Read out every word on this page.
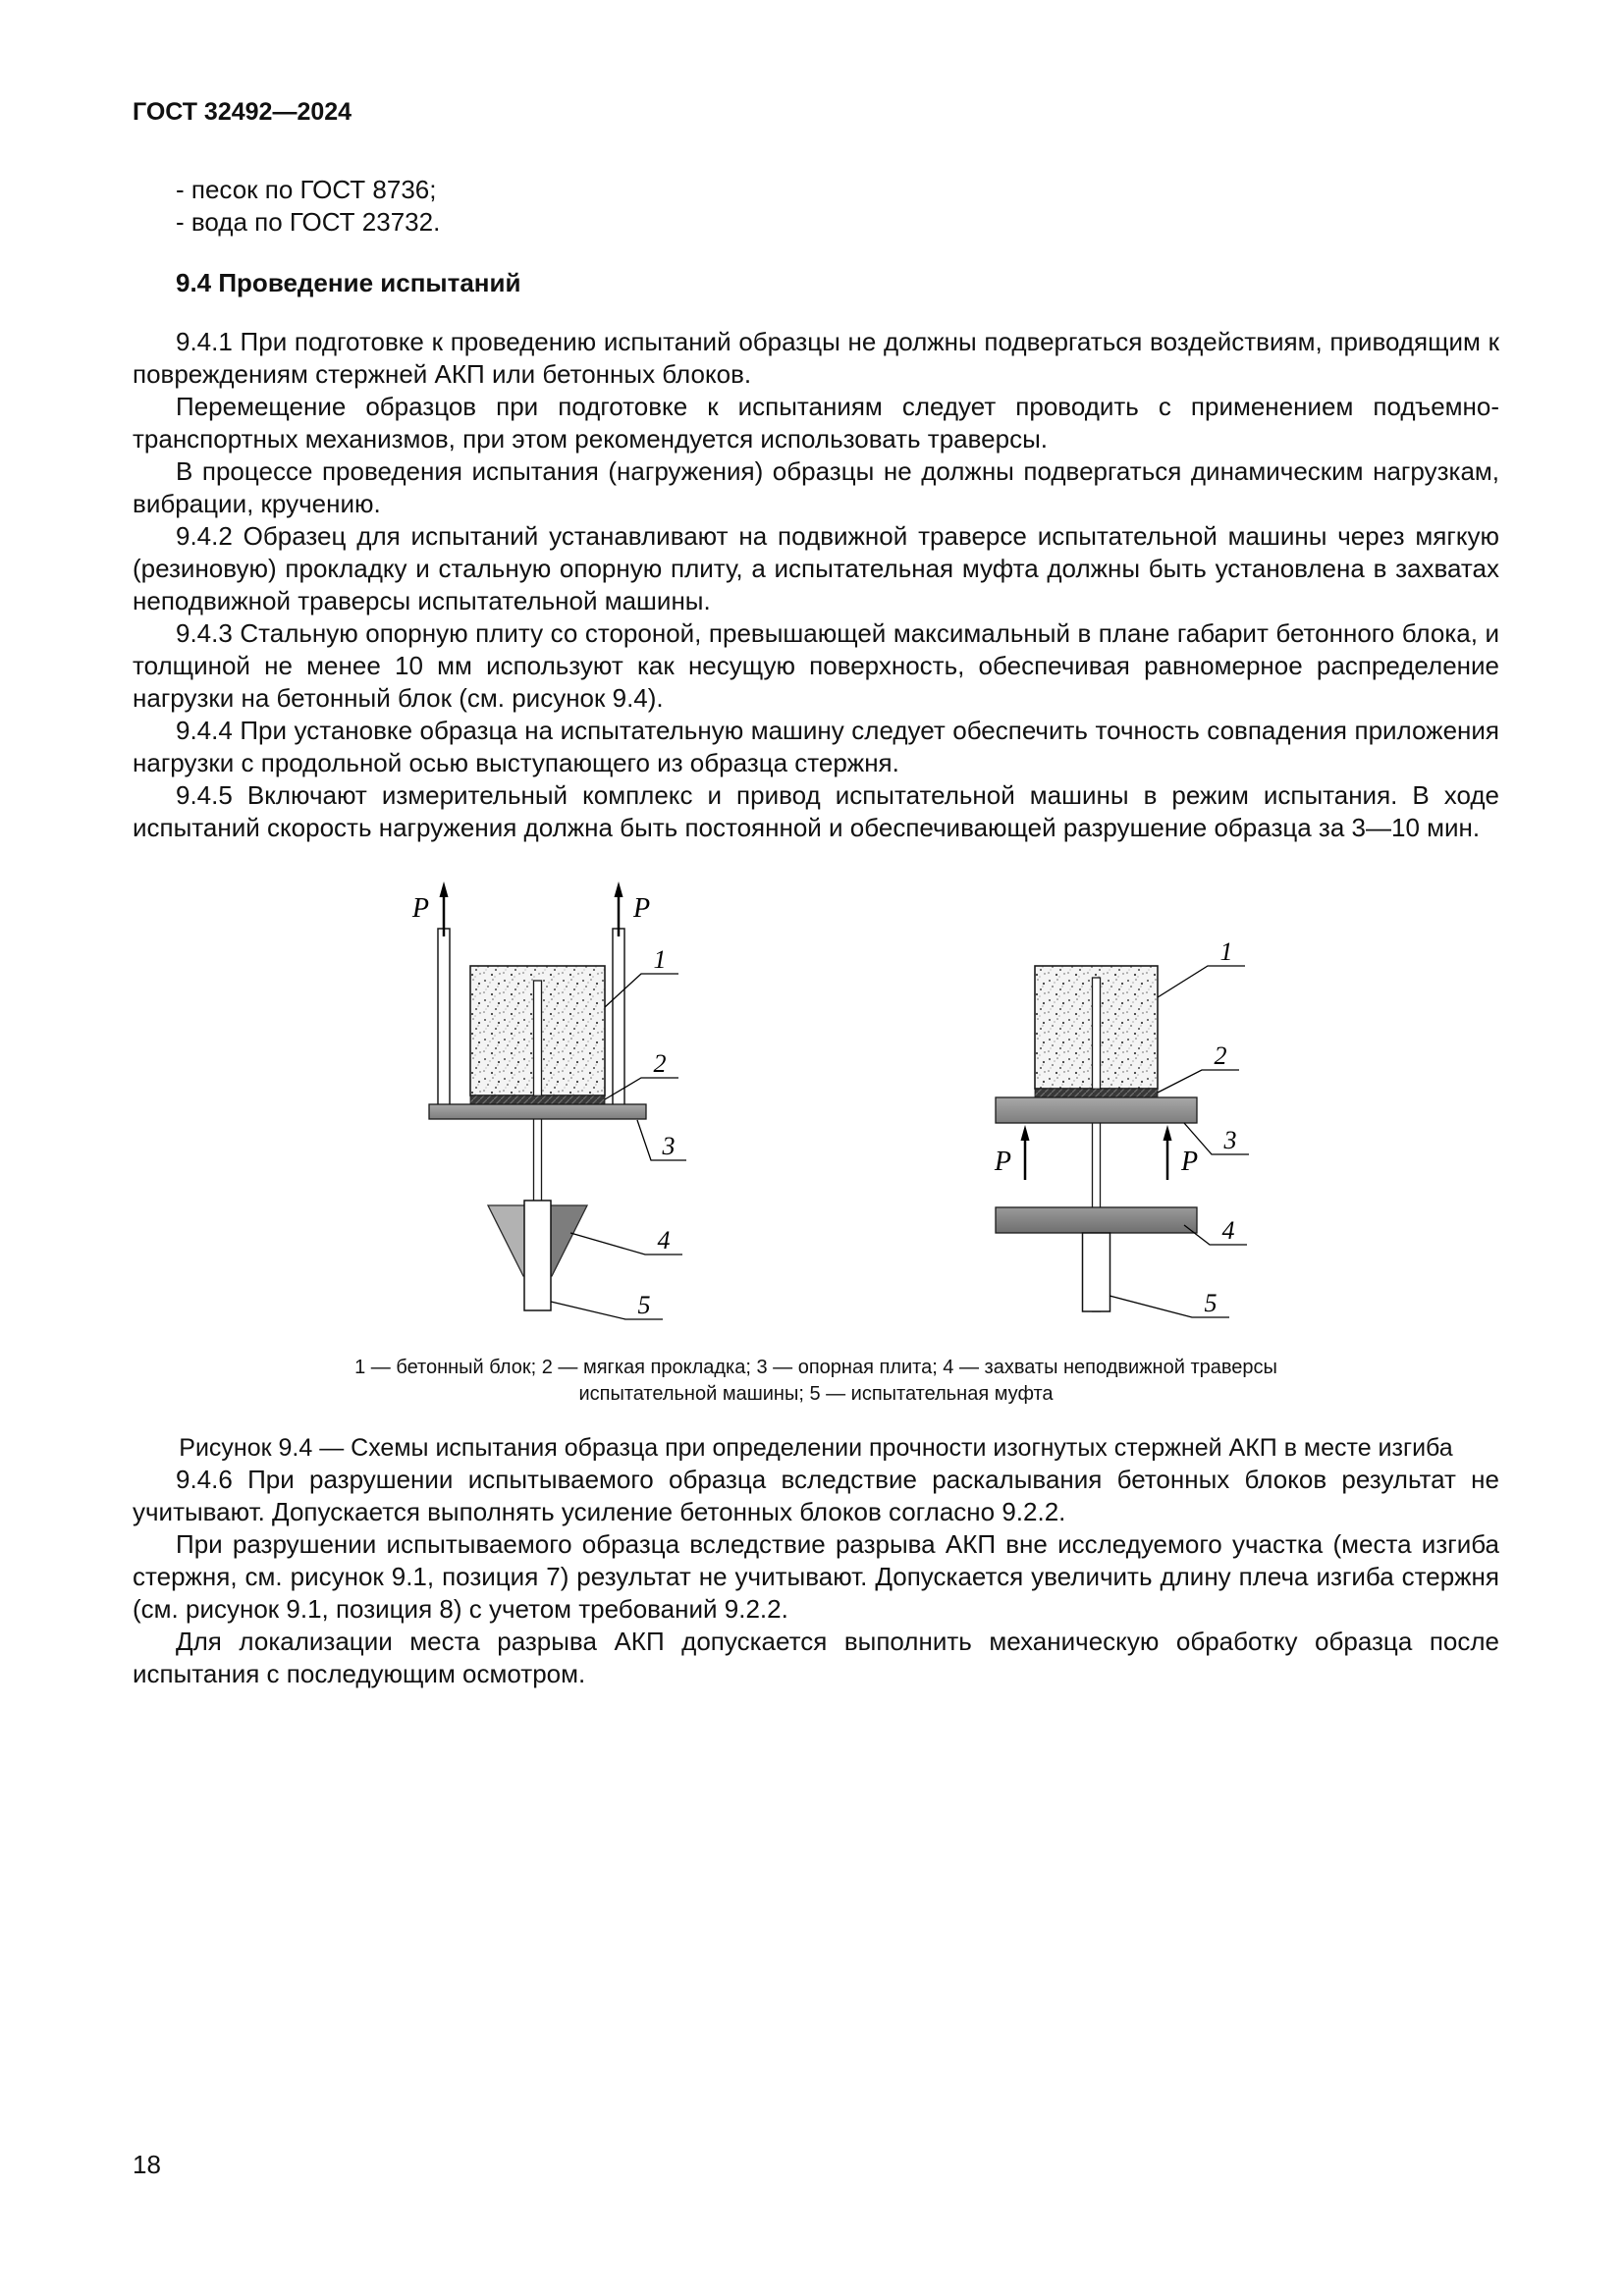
ГОСТ 32492—2024
- песок по ГОСТ 8736;
- вода по ГОСТ 23732.
9.4 Проведение испытаний

9.4.1 При подготовке к проведению испытаний образцы не должны подвергаться воздействиям, приводящим к повреждениям стержней АКП или бетонных блоков.

Перемещение образцов при подготовке к испытаниям следует проводить с применением подъемно-транспортных механизмов, при этом рекомендуется использовать траверсы.

В процессе проведения испытания (нагружения) образцы не должны подвергаться динамическим нагрузкам, вибрации, кручению.

9.4.2 Образец для испытаний устанавливают на подвижной траверсе испытательной машины через мягкую (резиновую) прокладку и стальную опорную плиту, а испытательная муфта должны быть установлена в захватах неподвижной траверсы испытательной машины.

9.4.3 Стальную опорную плиту со стороной, превышающей максимальный в плане габарит бетонного блока, и толщиной не менее 10 мм используют как несущую поверхность, обеспечивая равномерное распределение нагрузки на бетонный блок (см. рисунок 9.4).

9.4.4 При установке образца на испытательную машину следует обеспечить точность совпадения приложения нагрузки с продольной осью выступающего из образца стержня.

9.4.5 Включают измерительный комплекс и привод испытательной машины в режим испытания. В ходе испытаний скорость нагружения должна быть постоянной и обеспечивающей разрушение образца за 3—10 мин.

P	P
1
2
3
4
5
P	P
1
2
3
4
5
1 — бетонный блок; 2 — мягкая прокладка; 3 — опорная плита; 4 — захваты неподвижной траверсы
испытательной машины; 5 — испытательная муфта
Рисунок 9.4 — Схемы испытания образца при определении прочности изогнутых стержней АКП в месте изгиба

9.4.6 При разрушении испытываемого образца вследствие раскалывания бетонных блоков результат не учитывают. Допускается выполнять усиление бетонных блоков согласно 9.2.2.

При разрушении испытываемого образца вследствие разрыва АКП вне исследуемого участка (места изгиба стержня, см. рисунок 9.1, позиция 7) результат не учитывают. Допускается увеличить длину плеча изгиба стержня (см. рисунок 9.1, позиция 8) с учетом требований 9.2.2.

Для локализации места разрыва АКП допускается выполнить механическую обработку образца после испытания с последующим осмотром.

18
